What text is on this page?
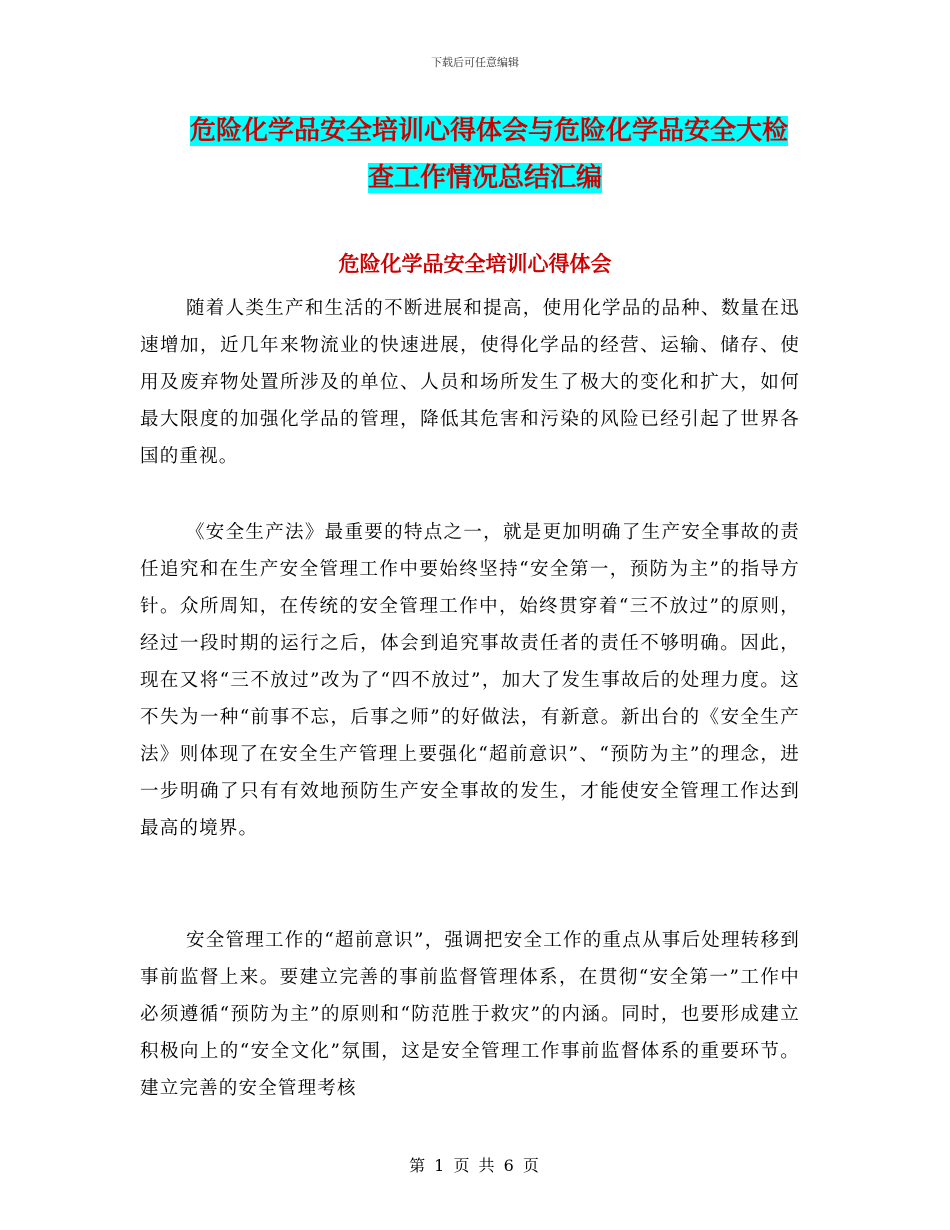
下载后可任意编辑
危险化学品安全培训心得体会与危险化学品安全大检

查工作情况总结汇编
危险化学品安全培训心得体会

随着人类生产和生活的不断进展和提高，使用化学品的品种、数量在迅速增加，近几年来物流业的快速进展，使得化学品的经营、运输、储存、使用及废弃物处置所涉及的单位、人员和场所发生了极大的变化和扩大，如何最大限度的加强化学品的管理，降低其危害和污染的风险已经引起了世界各国的重视。

《安全生产法》最重要的特点之一，就是更加明确了生产安全事故的责任追究和在生产安全管理工作中要始终坚持“安全第一，预防为主”的指导方针。众所周知，在传统的安全管理工作中，始终贯穿着“三不放过”的原则，经过一段时期的运行之后，体会到追究事故责任者的责任不够明确。因此，现在又将“三不放过”改为了“四不放过”，加大了发生事故后的处理力度。这不失为一种“前事不忘，后事之师”的好做法，有新意。新出台的《安全生产法》则体现了在安全生产管理上要强化“超前意识”、“预防为主”的理念，进一步明确了只有有效地预防生产安全事故的发生，才能使安全管理工作达到最高的境界。

安全管理工作的“超前意识”，强调把安全工作的重点从事后处理转移到事前监督上来。要建立完善的事前监督管理体系，在贯彻“安全第一”工作中必须遵循“预防为主”的原则和“防范胜于救灾”的内涵。同时，也要形成建立积极向上的“安全文化”氛围，这是安全管理工作事前监督体系的重要环节。建立完善的安全管理考核

第 1 页 共 6 页
